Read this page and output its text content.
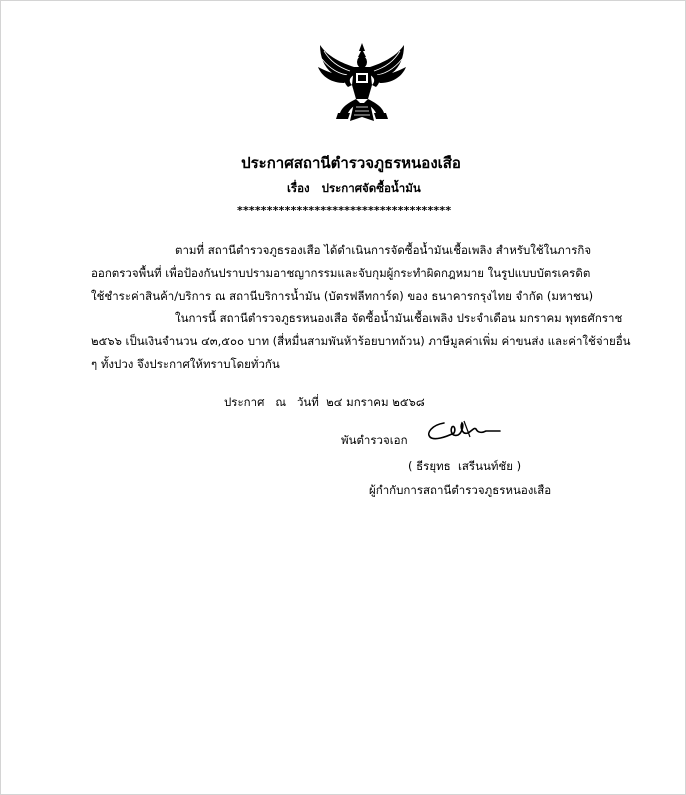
ประกาศสถานีตำรวจภูธรหนองเสือ
เรื่อง   ประกาศจัดซื้อน้ำมัน
************************************
ตามที่ สถานีตำรวจภูธรองเสือ ได้ดำเนินการจัดซื้อน้ำมันเชื้อเพลิง สำหรับใช้ในภารกิจ
ออกตรวจพื้นที่ เพื่อป้องกันปราบปรามอาชญากรรมและจับกุมผู้กระทำผิดกฎหมาย ในรูปแบบบัตรเครดิต
ใช้ชำระค่าสินค้า/บริการ ณ สถานีบริการน้ำมัน (บัตรฟลีทการ์ด) ของ ธนาคารกรุงไทย จำกัด (มหาชน)
ในการนี้ สถานีตำรวจภูธรหนองเสือ จัดซื้อน้ำมันเชื้อเพลิง ประจำเดือน มกราคม พุทธศักราช
๒๕๖๖ เป็นเงินจำนวน ๔๓,๕๐๐ บาท (สี่หมื่นสามพันห้าร้อยบาทถ้วน) ภาษีมูลค่าเพิ่ม ค่าขนส่ง และค่าใช้จ่ายอื่น
ๆ ทั้งปวง จึงประกาศให้ทราบโดยทั่วกัน
ประกาศ   ณ   วันที่  ๒๔ มกราคม ๒๕๖๘
พันตำรวจเอก
( ธีรยุทธ  เสรีนนท์ชัย )
ผู้กำกับการสถานีตำรวจภูธรหนองเสือ
